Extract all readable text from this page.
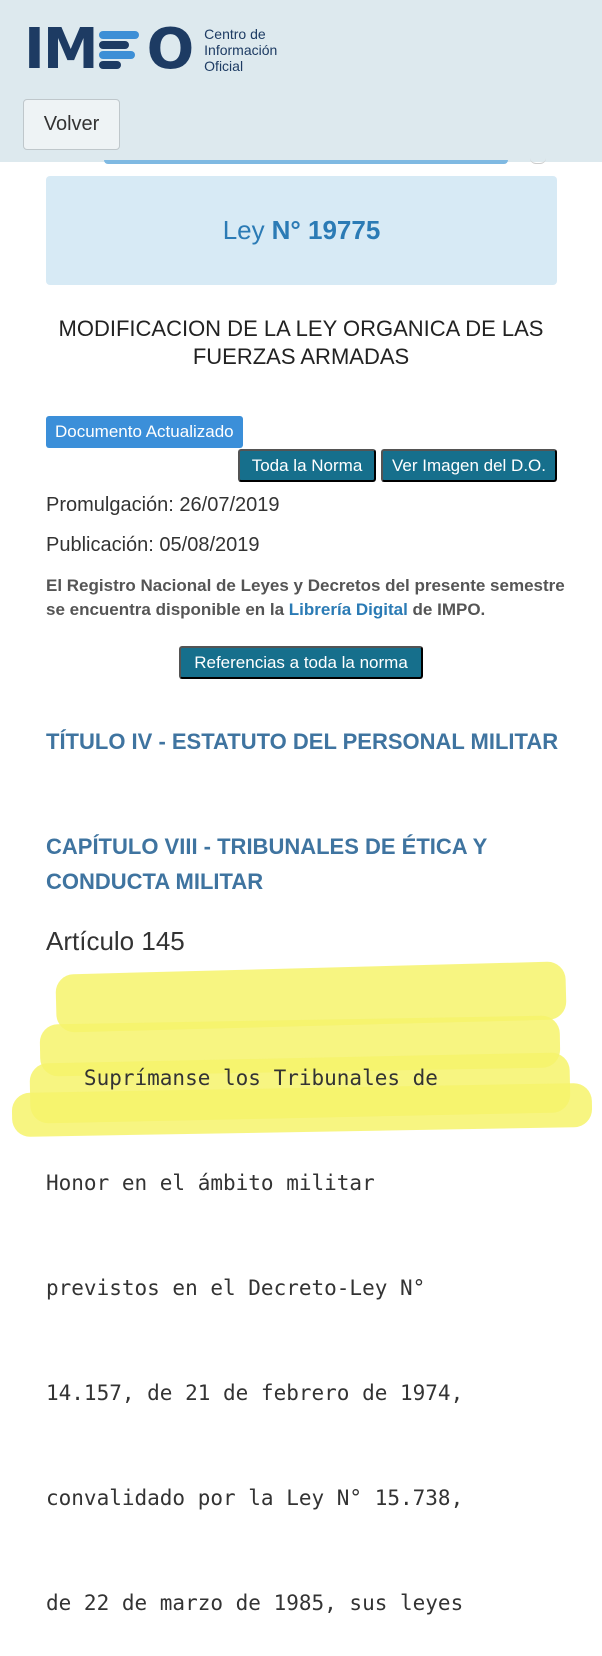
IM O Centro de
Información
Oficial
Volver
Ley N° 19775
MODIFICACION DE LA LEY ORGANICA DE LAS FUERZAS ARMADAS
Documento Actualizado
Toda la Norma	Ver Imagen del D.O.
Promulgación: 26/07/2019
Publicación: 05/08/2019
El Registro Nacional de Leyes y Decretos del presente semestre se encuentra disponible en la Librería Digital de IMPO.
Referencias a toda la norma
TÍTULO IV - ESTATUTO DEL PERSONAL MILITAR
CAPÍTULO VIII - TRIBUNALES DE ÉTICA Y CONDUCTA MILITAR
Artículo 145

Suprímanse los Tribunales de

Honor en el ámbito militar

previstos en el Decreto-Ley N°

14.157, de 21 de febrero de 1974,

convalidado por la Ley N° 15.738,

de 22 de marzo de 1985, sus leyes
